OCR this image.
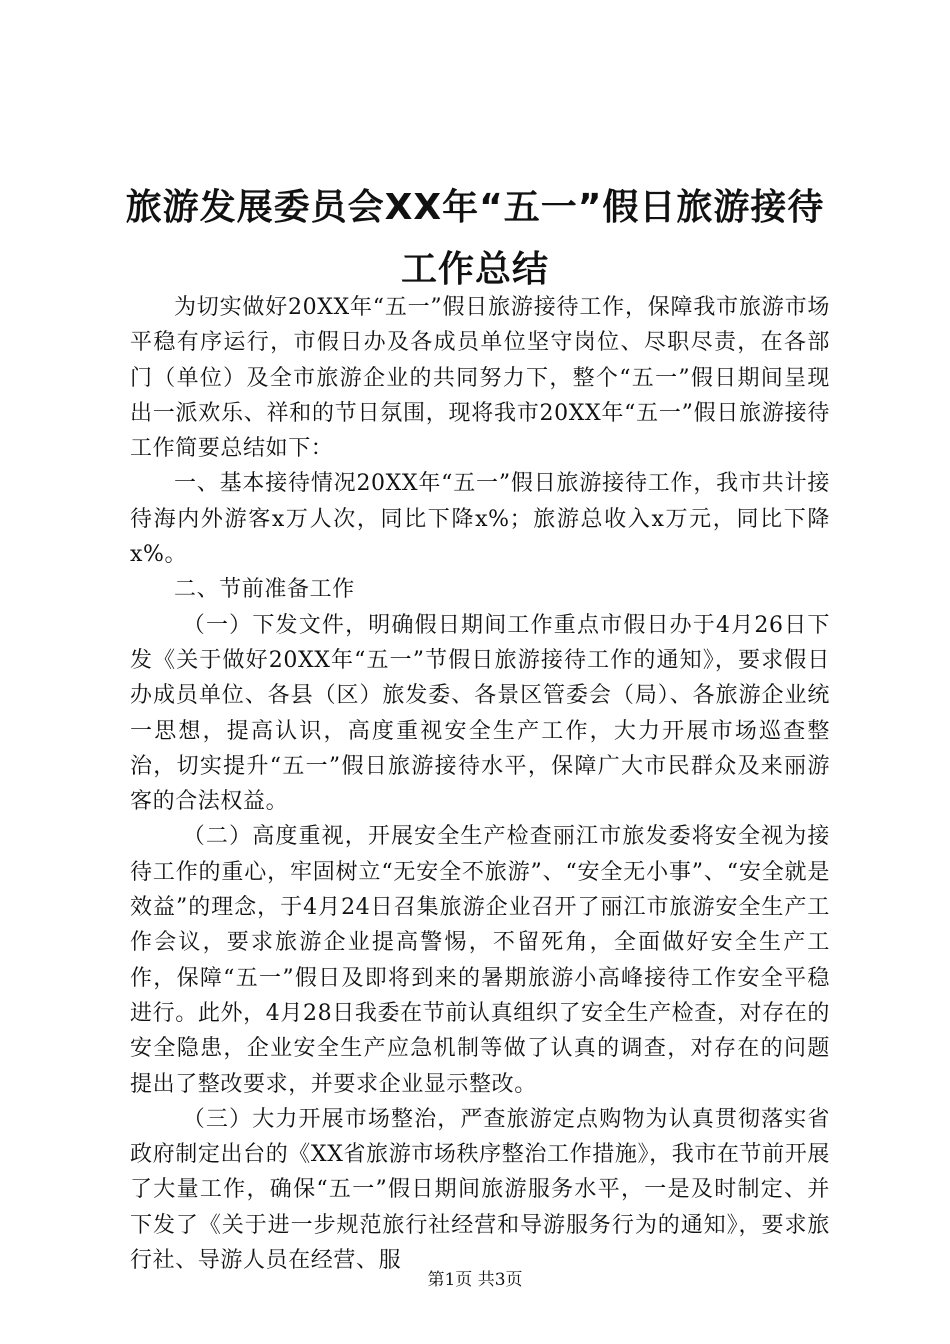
旅游发展委员会XX年“五一”假日旅游接待
工作总结

为切实做好20XX年“五一”假日旅游接待工作，保障我市旅游市场平稳有序运行，市假日办及各成员单位坚守岗位、尽职尽责，在各部门（单位）及全市旅游企业的共同努力下，整个“五一”假日期间呈现出一派欢乐、祥和的节日氛围，现将我市20XX年“五一”假日旅游接待工作简要总结如下：

一、基本接待情况20XX年“五一”假日旅游接待工作，我市共计接待海内外游客x万人次，同比下降x%；旅游总收入x万元，同比下降x%。

二、节前准备工作

（一）下发文件，明确假日期间工作重点市假日办于4月26日下发《关于做好20XX年“五一”节假日旅游接待工作的通知》，要求假日办成员单位、各县（区）旅发委、各景区管委会（局）、各旅游企业统一思想，提高认识，高度重视安全生产工作，大力开展市场巡查整治，切实提升“五一”假日旅游接待水平，保障广大市民群众及来丽游客的合法权益。

（二）高度重视，开展安全生产检查丽江市旅发委将安全视为接待工作的重心，牢固树立“无安全不旅游”、“安全无小事”、“安全就是效益”的理念，于4月24日召集旅游企业召开了丽江市旅游安全生产工作会议，要求旅游企业提高警惕，不留死角，全面做好安全生产工作，保障“五一”假日及即将到来的暑期旅游小高峰接待工作安全平稳进行。此外，4月28日我委在节前认真组织了安全生产检查，对存在的安全隐患，企业安全生产应急机制等做了认真的调查，对存在的问题提出了整改要求，并要求企业显示整改。

（三）大力开展市场整治，严查旅游定点购物为认真贯彻落实省政府制定出台的《XX省旅游市场秩序整治工作措施》，我市在节前开展了大量工作，确保“五一”假日期间旅游服务水平，一是及时制定、并下发了《关于进一步规范旅行社经营和导游服务行为的通知》，要求旅行社、导游人员在经营、服

第1页 共3页
